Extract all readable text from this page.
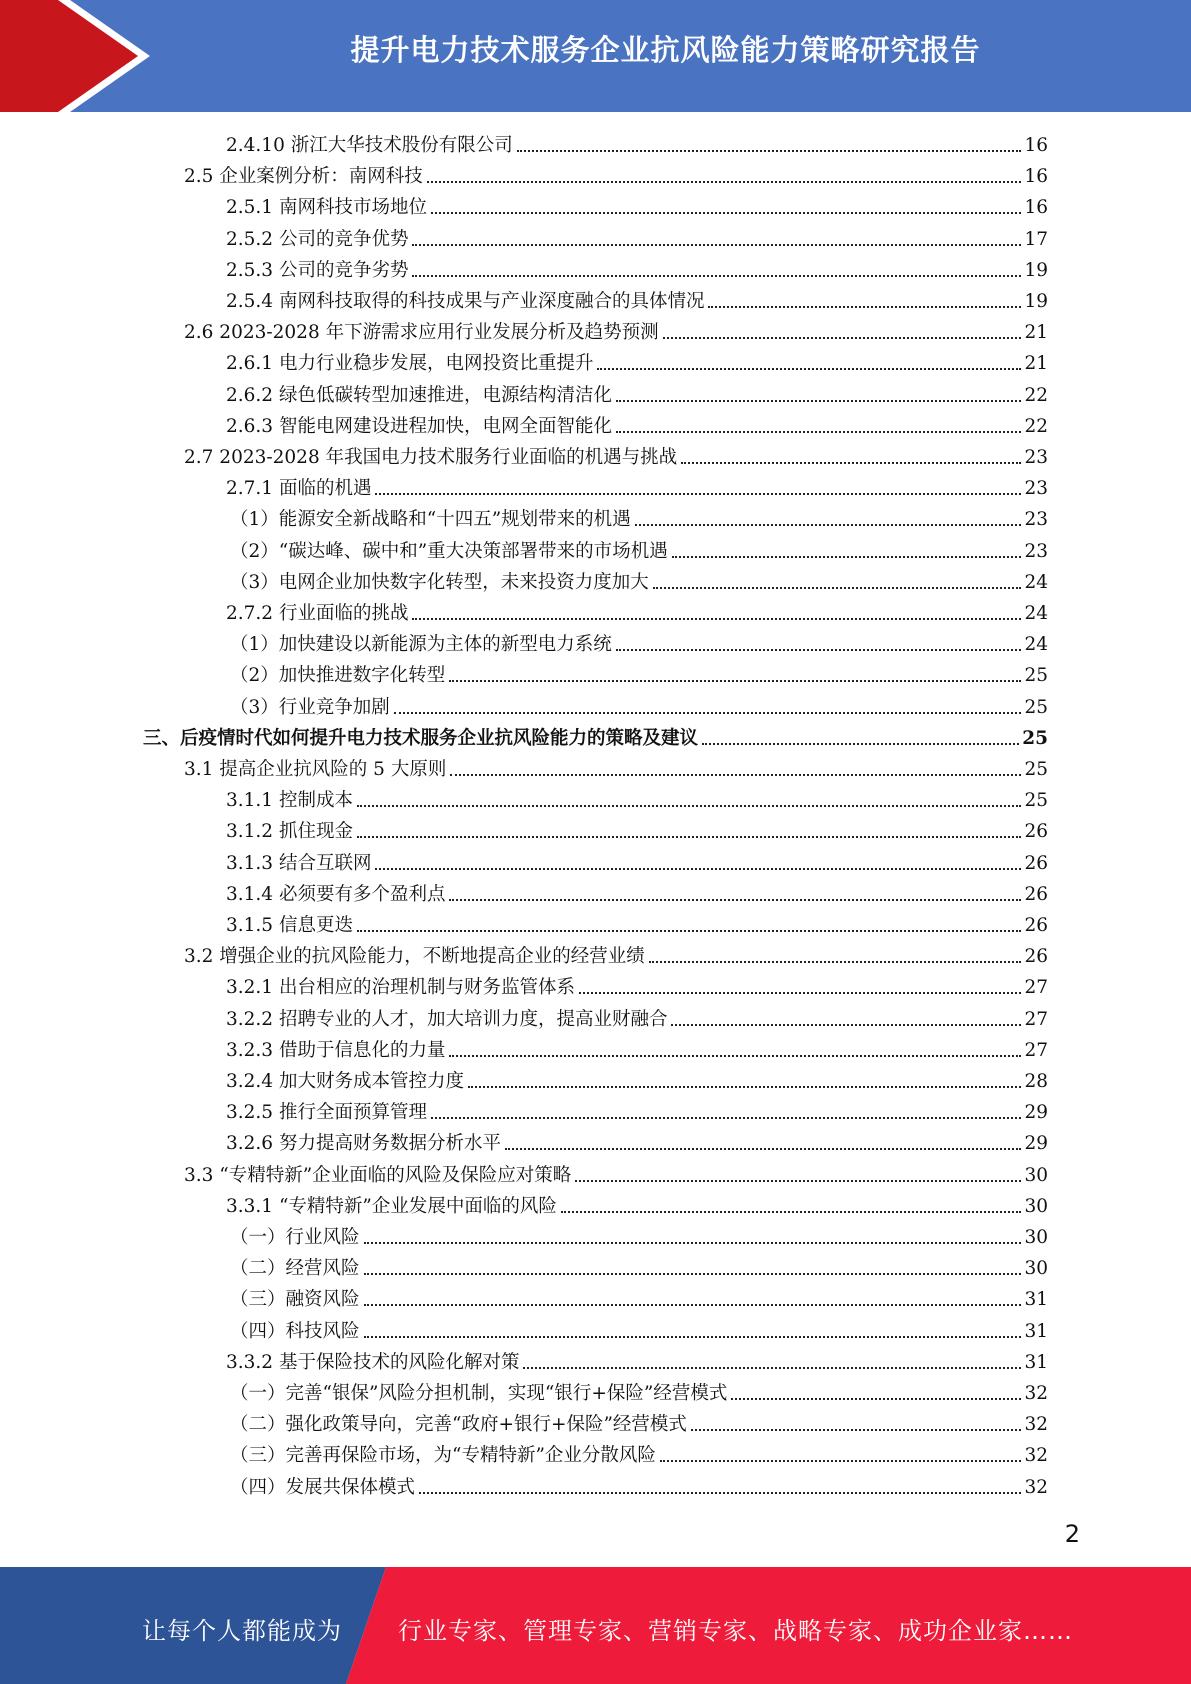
提升电力技术服务企业抗风险能力策略研究报告
2.4.10 浙江大华技术股份有限公司	16
2.5 企业案例分析：南网科技	16
2.5.1 南网科技市场地位	16
2.5.2 公司的竞争优势	17
2.5.3 公司的竞争劣势	19
2.5.4 南网科技取得的科技成果与产业深度融合的具体情况	19
2.6 2023-2028 年下游需求应用行业发展分析及趋势预测	21
2.6.1 电力行业稳步发展，电网投资比重提升	21
2.6.2 绿色低碳转型加速推进，电源结构清洁化	22
2.6.3 智能电网建设进程加快，电网全面智能化	22
2.7 2023-2028 年我国电力技术服务行业面临的机遇与挑战	23
2.7.1 面临的机遇	23
（1）能源安全新战略和“十四五”规划带来的机遇	23
（2）“碳达峰、碳中和”重大决策部署带来的市场机遇	23
（3）电网企业加快数字化转型，未来投资力度加大	24
2.7.2 行业面临的挑战	24
（1）加快建设以新能源为主体的新型电力系统	24
（2）加快推进数字化转型	25
（3）行业竞争加剧	25
三、后疫情时代如何提升电力技术服务企业抗风险能力的策略及建议	25
3.1 提高企业抗风险的 5 大原则	25
3.1.1 控制成本	25
3.1.2 抓住现金	26
3.1.3 结合互联网	26
3.1.4 必须要有多个盈利点	26
3.1.5 信息更迭	26
3.2 增强企业的抗风险能力，不断地提高企业的经营业绩	26
3.2.1 出台相应的治理机制与财务监管体系	27
3.2.2 招聘专业的人才，加大培训力度，提高业财融合	27
3.2.3 借助于信息化的力量	27
3.2.4 加大财务成本管控力度	28
3.2.5 推行全面预算管理	29
3.2.6 努力提高财务数据分析水平	29
3.3 “专精特新”企业面临的风险及保险应对策略	30
3.3.1 “专精特新”企业发展中面临的风险	30
（一）行业风险	30
（二）经营风险	30
（三）融资风险	31
（四）科技风险	31
3.3.2 基于保险技术的风险化解对策	31
（一）完善“银保”风险分担机制，实现“银行+保险”经营模式	32
（二）强化政策导向，完善“政府+银行+保险”经营模式	32
（三）完善再保险市场，为“专精特新”企业分散风险	32
（四）发展共保体模式	32
2
让每个人都能成为 行业专家、管理专家、营销专家、战略专家、成功企业家……
